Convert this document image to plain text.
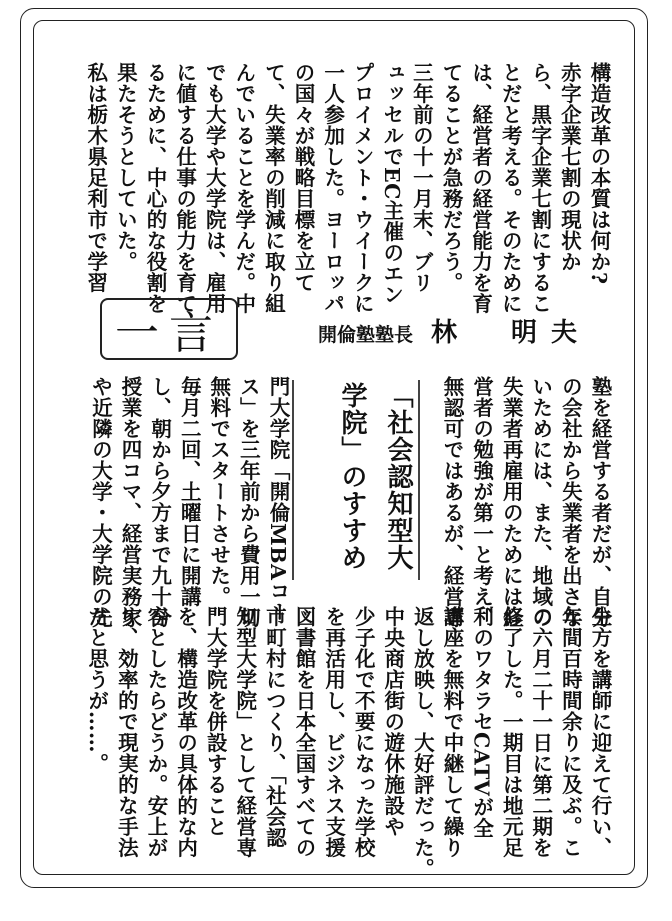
構造改革の本質は何か?
赤字企業七割の現状か
ら、黒字企業七割にするこ
とだと考える。そのために
は、経営者の経営能力を育
てることが急務だろう。
三年前の十一月末、ブリ
ュッセルでEC主催のエン
プロイメント・ウイークに
一人参加した。ヨーロッパ
の国々が戦略目標を立て
て、失業率の削減に取り組
んでいることを学んだ。中
でも大学や大学院は、雇用
に値する仕事の能力を育て
るために、中心的な役割を
果たそうとしていた。
私は栃木県足利市で学習
一言	開倫塾塾長 林　明夫
「社会認知型大
学院」のすすめ	塾を経営する者だが、自分
の会社から失業者を出さな
いためには、また、地域の
失業者再雇用のためには経
営者の勉強が第一と考え、
無認可ではあるが、経営専
門大学院「開倫MBAコー
ス」を三年前から費用一切
無料でスタートさせた。
毎月二回、土曜日に開講
し、朝から夕方まで九十分
授業を四コマ、経営実務家
や近隣の大学・大学院の先
生方を講師に迎えて行い、
年間百時間余りに及ぶ。こ
の六月二十一日に第二期を
修了した。一期目は地元足
利のワタラセCATVが全
講座を無料で中継して繰り
返し放映し、大好評だった。
中央商店街の遊休施設や
少子化で不要になった学校
を再活用し、ビジネス支援
図書館を日本全国すべての
市町村につくり、「社会認
知型大学院」として経営専
門大学院を併設すること
を、構造改革の具体的な内
容としたらどうか。安上が
り、効率的で現実的な手法
だと思うが……。
